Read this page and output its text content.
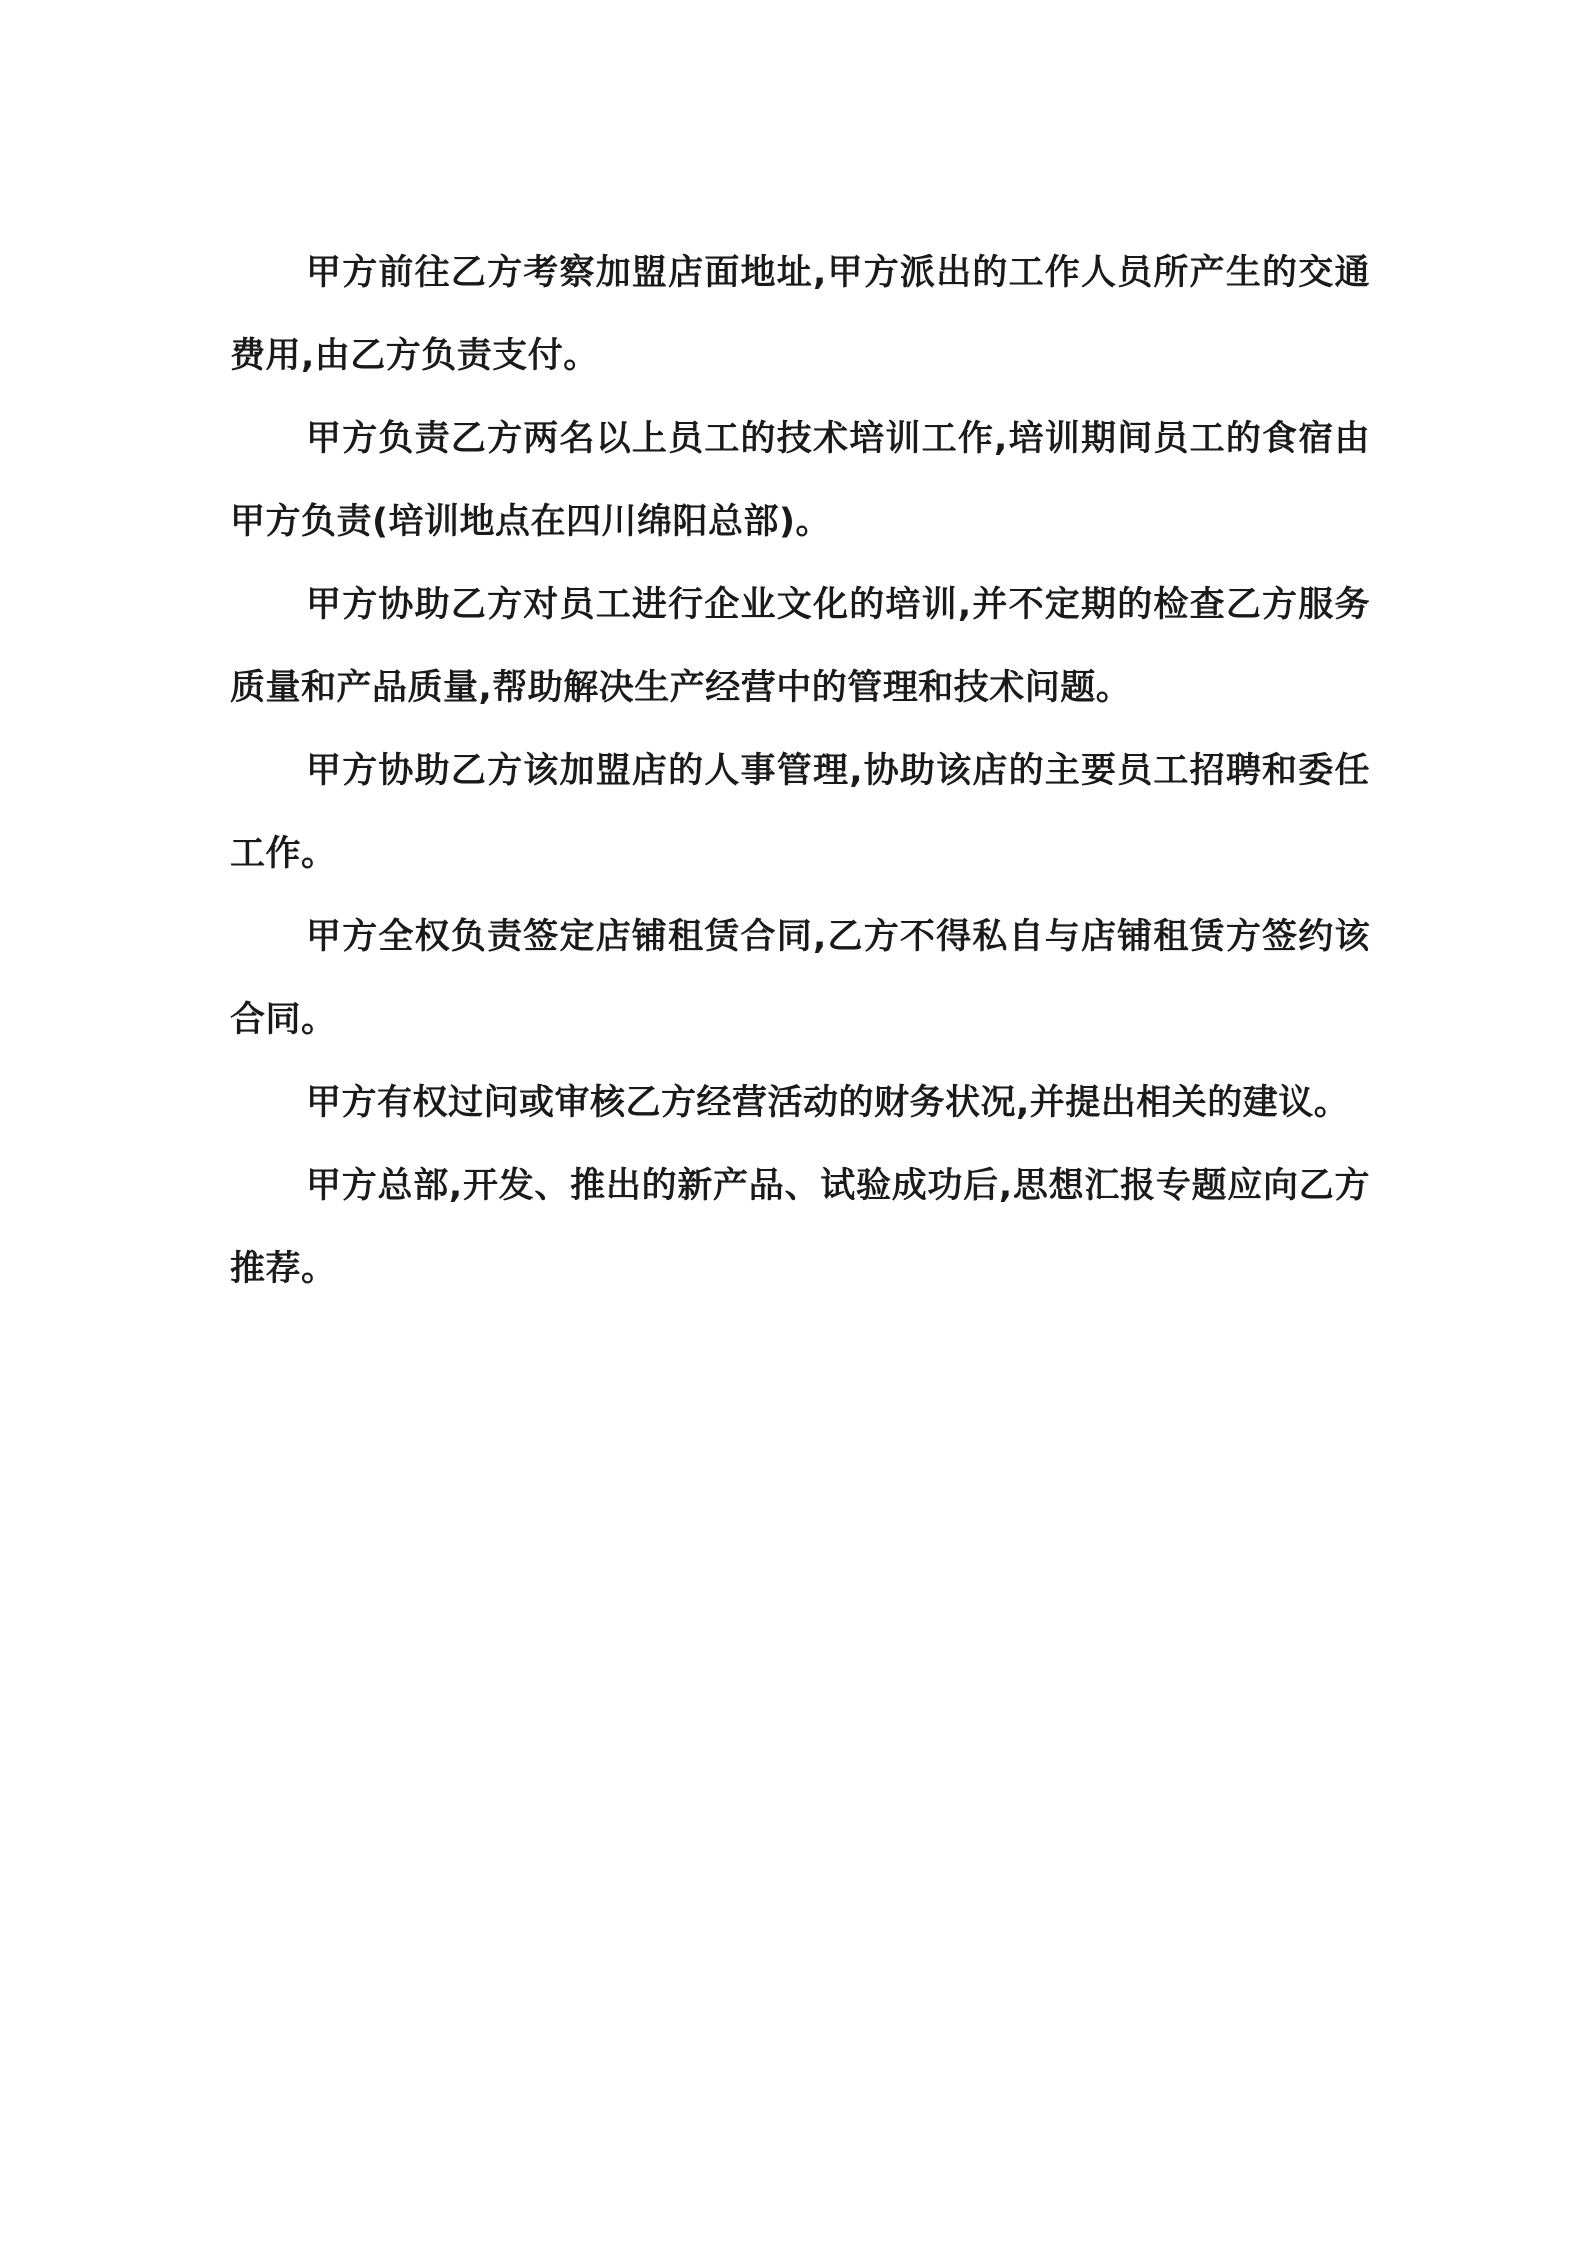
甲方前往乙方考察加盟店面地址,甲方派出的工作人员所产生的交通费用,由乙方负责支付。

甲方负责乙方两名以上员工的技术培训工作,培训期间员工的食宿由甲方负责(培训地点在四川绵阳总部)。

甲方协助乙方对员工进行企业文化的培训,并不定期的检查乙方服务质量和产品质量,帮助解决生产经营中的管理和技术问题。

甲方协助乙方该加盟店的人事管理,协助该店的主要员工招聘和委任工作。

甲方全权负责签定店铺租赁合同,乙方不得私自与店铺租赁方签约该合同。

甲方有权过问或审核乙方经营活动的财务状况,并提出相关的建议。

甲方总部,开发、推出的新产品、试验成功后,思想汇报专题应向乙方推荐。
